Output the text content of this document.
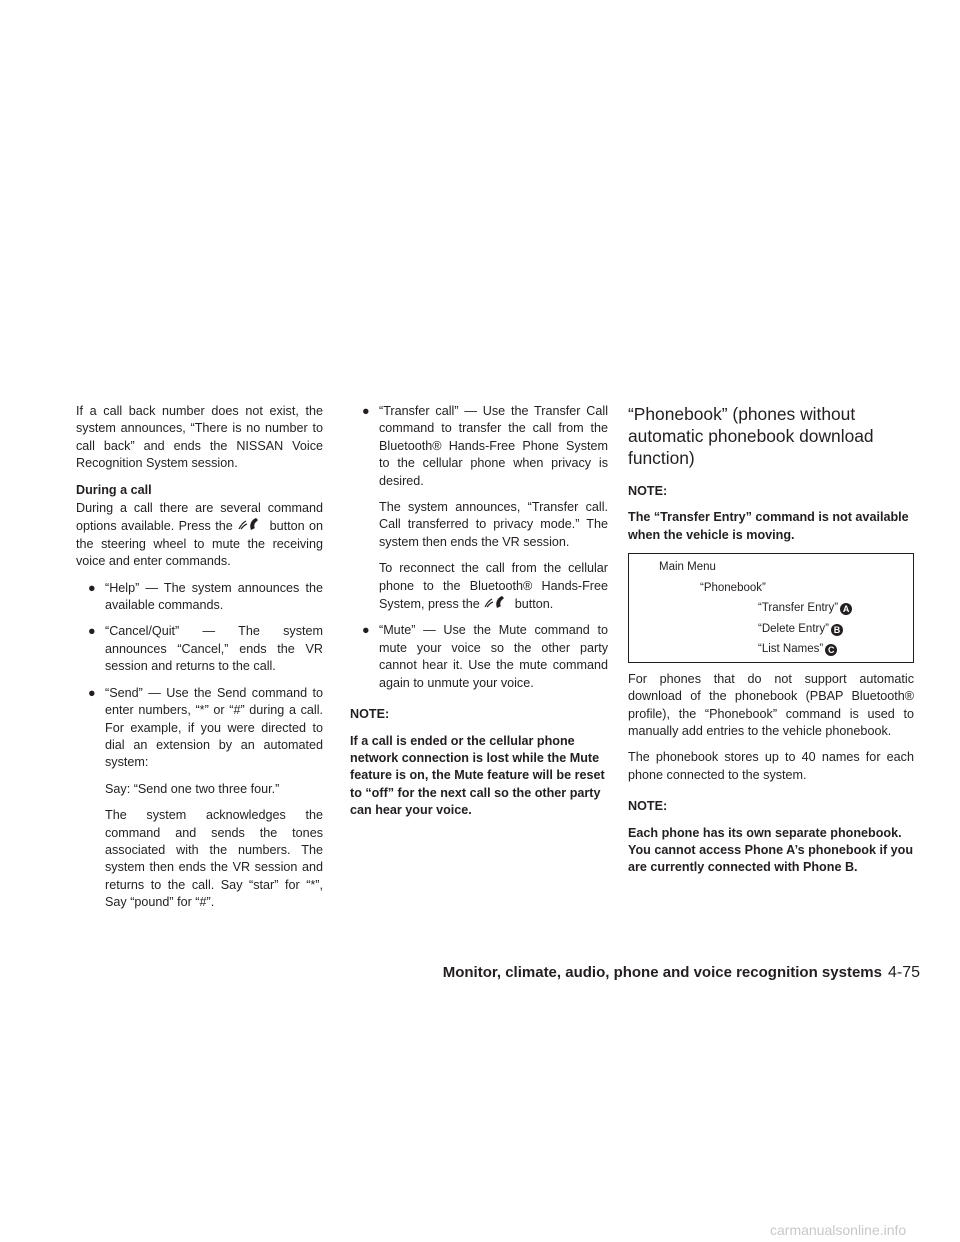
If a call back number does not exist, the system announces, “There is no number to call back” and ends the NISSAN Voice Recognition System session.

During a call

During a call there are several command options available. Press the	button on the steering wheel to mute the receiving voice and enter commands.

● “Help” — The system announces the available commands.
● “Cancel/Quit” — The system announces “Cancel,” ends the VR session and returns to the call.
● “Send” — Use the Send command to enter numbers, “*” or “#” during a call. For example, if you were directed to dial an extension by an automated system:
Say: “Send one two three four.”
The system acknowledges the command and sends the tones associated with the numbers. The system then ends the VR session and returns to the call. Say “star” for “*”, Say “pound” for “#”.
● “Transfer call” — Use the Transfer Call command to transfer the call from the Bluetooth® Hands-Free Phone System to the cellular phone when privacy is desired.
The system announces, “Transfer call. Call transferred to privacy mode.” The system then ends the VR session.
To reconnect the call from the cellular phone to the Bluetooth® Hands-Free System, press the	button.
● “Mute” — Use the Mute command to mute your voice so the other party cannot hear it. Use the mute command again to unmute your voice.
NOTE:
If a call is ended or the cellular phone network connection is lost while the Mute feature is on, the Mute feature will be reset to “off” for the next call so the other party can hear your voice.
“Phonebook” (phones without automatic phonebook download function)
NOTE:
The “Transfer Entry” command is not available when the vehicle is moving.
Main Menu
“Phonebook”
“Transfer Entry” A
“Delete Entry” B
“List Names” C

For phones that do not support automatic download of the phonebook (PBAP Bluetooth® profile), the “Phonebook” command is used to manually add entries to the vehicle phonebook.

The phonebook stores up to 40 names for each phone connected to the system.

NOTE:
Each phone has its own separate phonebook. You cannot access Phone A’s phonebook if you are currently connected with Phone B.
Monitor, climate, audio, phone and voice recognition systems 4-75
carmanualsonline.info
